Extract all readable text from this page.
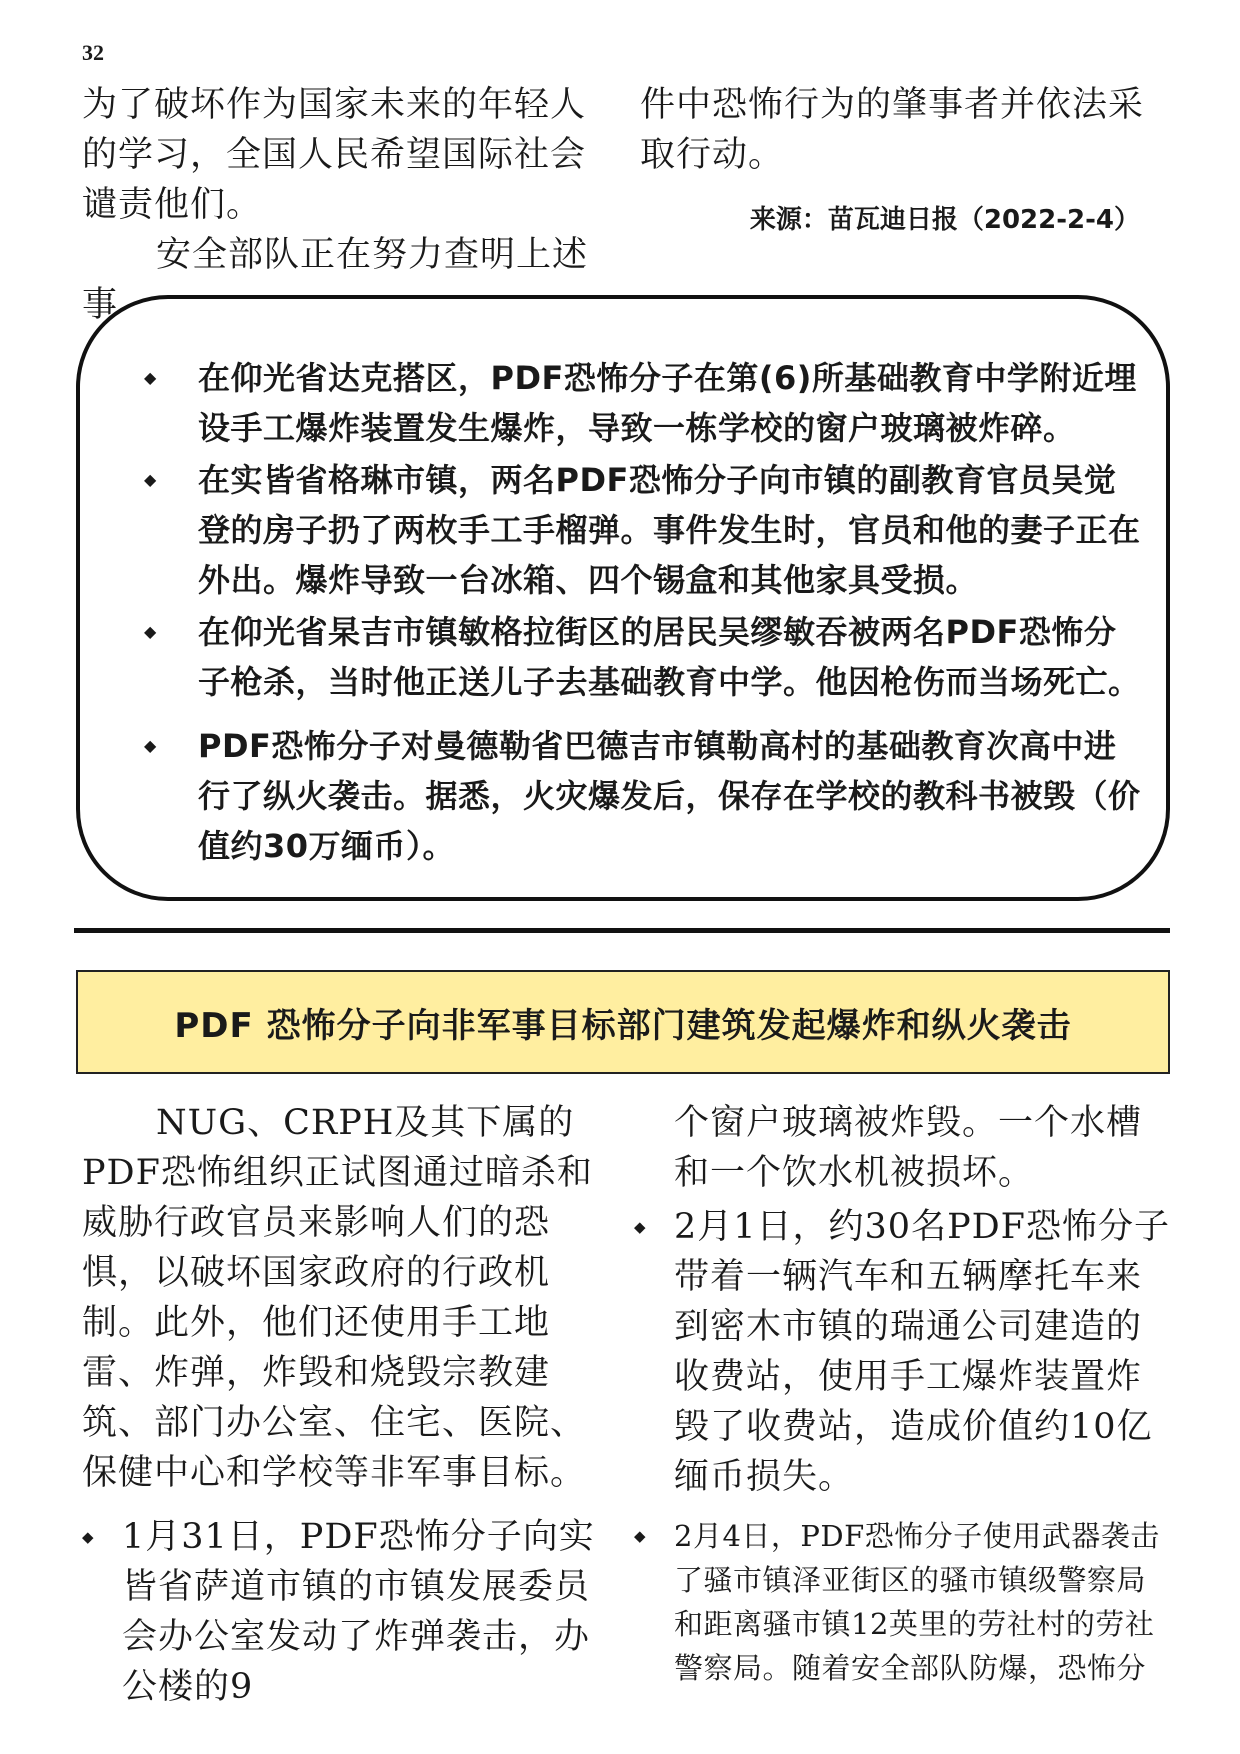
32

为了破坏作为国家未来的年轻人的学习，全国人民希望国际社会谴责他们。

安全部队正在努力查明上述事

件中恐怖行为的肇事者并依法采取行动。

来源：苗瓦迪日报（2022-2-4）

◆ 在仰光省达克搭区，PDF恐怖分子在第(6)所基础教育中学附近埋设手工爆炸装置发生爆炸，导致一栋学校的窗户玻璃被炸碎。
◆ 在实皆省格琳市镇，两名PDF恐怖分子向市镇的副教育官员吴觉登的房子扔了两枚手工手榴弹。事件发生时，官员和他的妻子正在外出。爆炸导致一台冰箱、四个锡盒和其他家具受损。
◆ 在仰光省杲吉市镇敏格拉街区的居民吴缪敏吞被两名PDF恐怖分子枪杀，当时他正送儿子去基础教育中学。他因枪伤而当场死亡。
◆ PDF恐怖分子对曼德勒省巴德吉市镇勒高村的基础教育次高中进行了纵火袭击。据悉，火灾爆发后，保存在学校的教科书被毁（价值约30万缅币）。
PDF 恐怖分子向非军事目标部门建筑发起爆炸和纵火袭击

NUG、CRPH及其下属的PDF恐怖组织正试图通过暗杀和威胁行政官员来影响人们的恐惧，以破坏国家政府的行政机制。此外，他们还使用手工地雷、炸弹，炸毁和烧毁宗教建筑、部门办公室、住宅、医院、保健中心和学校等非军事目标。

◆ 1月31日，PDF恐怖分子向实皆省萨道市镇的市镇发展委员会办公室发动了炸弹袭击，办公楼的9

个窗户玻璃被炸毁。一个水槽和一个饮水机被损坏。

◆ 2月1日，约30名PDF恐怖分子带着一辆汽车和五辆摩托车来到密木市镇的瑞通公司建造的收费站，使用手工爆炸装置炸毁了收费站，造成价值约10亿缅币损失。
◆ 2月4日，PDF恐怖分子使用武器袭击了骚市镇泽亚街区的骚市镇级警察局和距离骚市镇12英里的劳社村的劳社警察局。随着安全部队防爆，恐怖分
